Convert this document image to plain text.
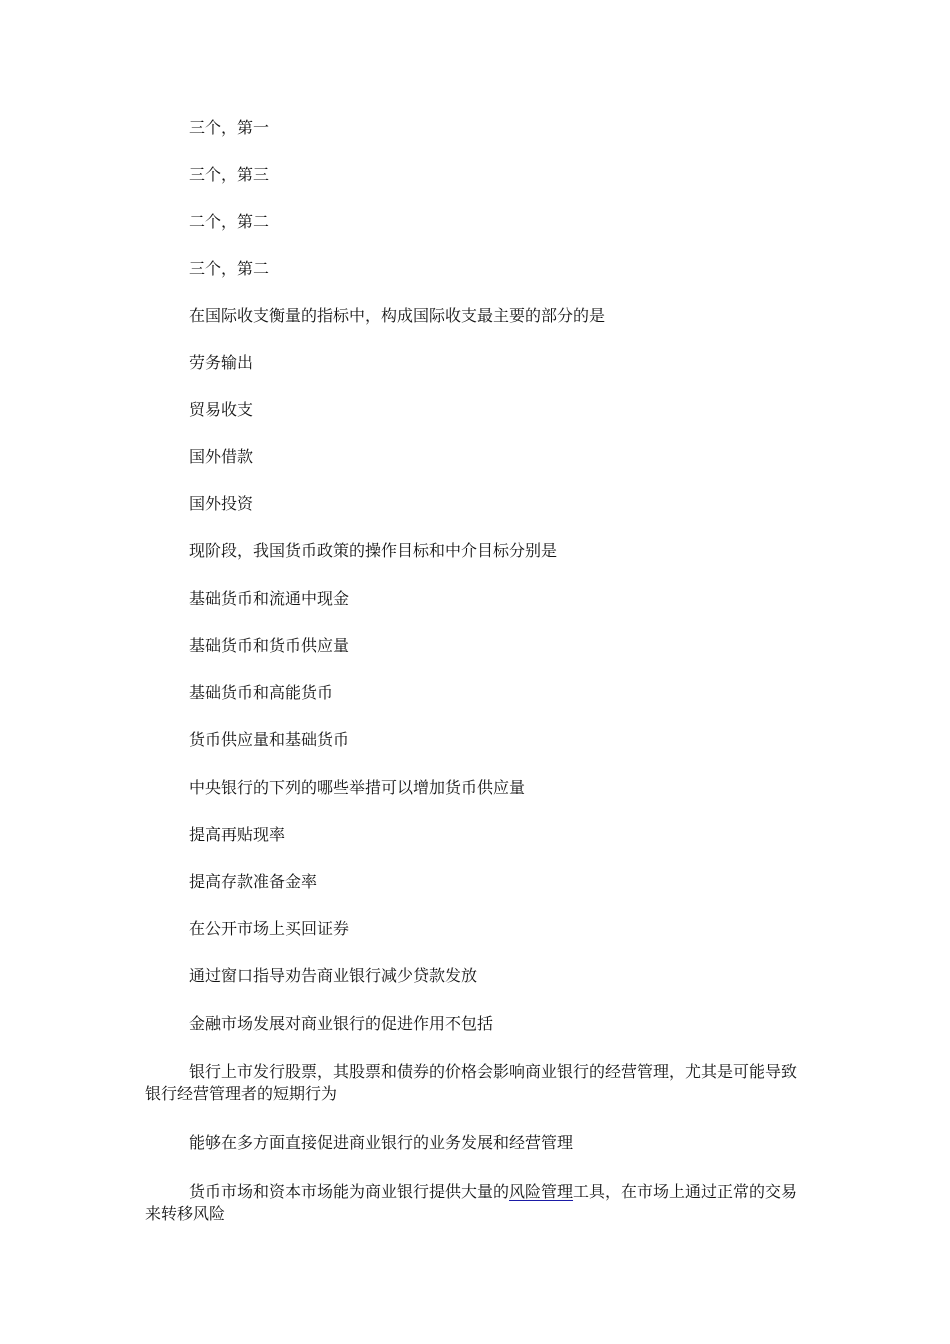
三个，第一
三个，第三
二个，第二
三个，第二
在国际收支衡量的指标中，构成国际收支最主要的部分的是
劳务输出
贸易收支
国外借款
国外投资
现阶段，我国货币政策的操作目标和中介目标分别是
基础货币和流通中现金
基础货币和货币供应量
基础货币和高能货币
货币供应量和基础货币
中央银行的下列的哪些举措可以增加货币供应量
提高再贴现率
提高存款准备金率
在公开市场上买回证券
通过窗口指导劝告商业银行减少贷款发放
金融市场发展对商业银行的促进作用不包括

银行上市发行股票，其股票和债券的价格会影响商业银行的经营管理，尤其是可能导致银行经营管理者的短期行为

能够在多方面直接促进商业银行的业务发展和经营管理

货币市场和资本市场能为商业银行提供大量的风险管理工具，在市场上通过正常的交易来转移风险
